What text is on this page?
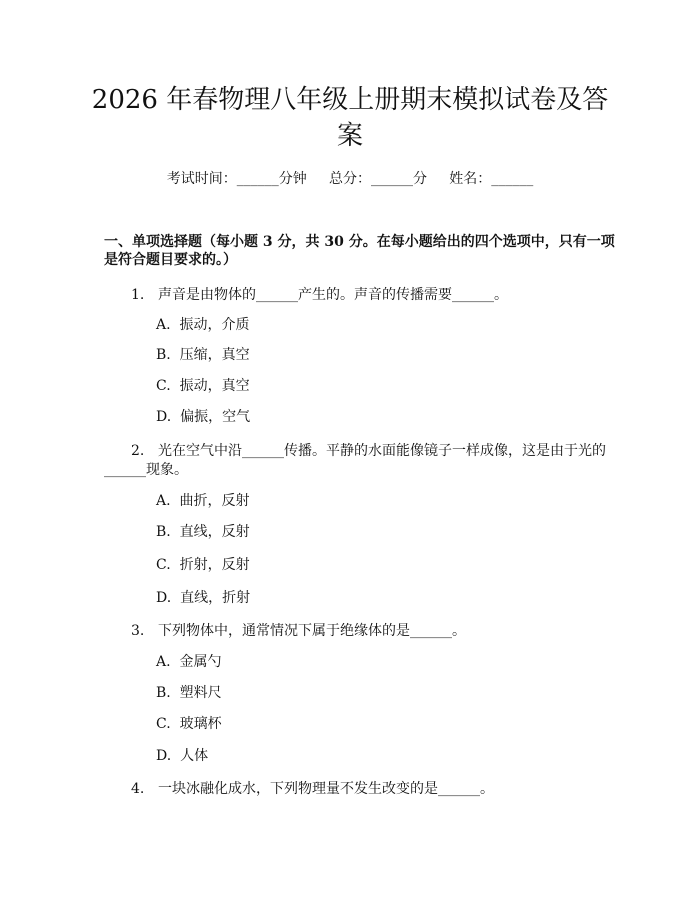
2026 年春物理八年级上册期末模拟试卷及答
案
考试时间：______分钟     总分：______分     姓名：______
一、单项选择题（每小题 3 分，共 30 分。在每小题给出的四个选项中，只有一项
是符合题目要求的。）
1. 声音是由物体的______产生的。声音的传播需要______。
A.  振动，介质
B.  压缩，真空
C.  振动，真空
D.  偏振，空气
2. 光在空气中沿______传播。平静的水面能像镜子一样成像，这是由于光的
______现象。
A.  曲折，反射
B.  直线，反射
C.  折射，反射
D.  直线，折射
3. 下列物体中，通常情况下属于绝缘体的是______。
A.  金属勺
B.  塑料尺
C.  玻璃杯
D.  人体
4. 一块冰融化成水，下列物理量不发生改变的是______。
